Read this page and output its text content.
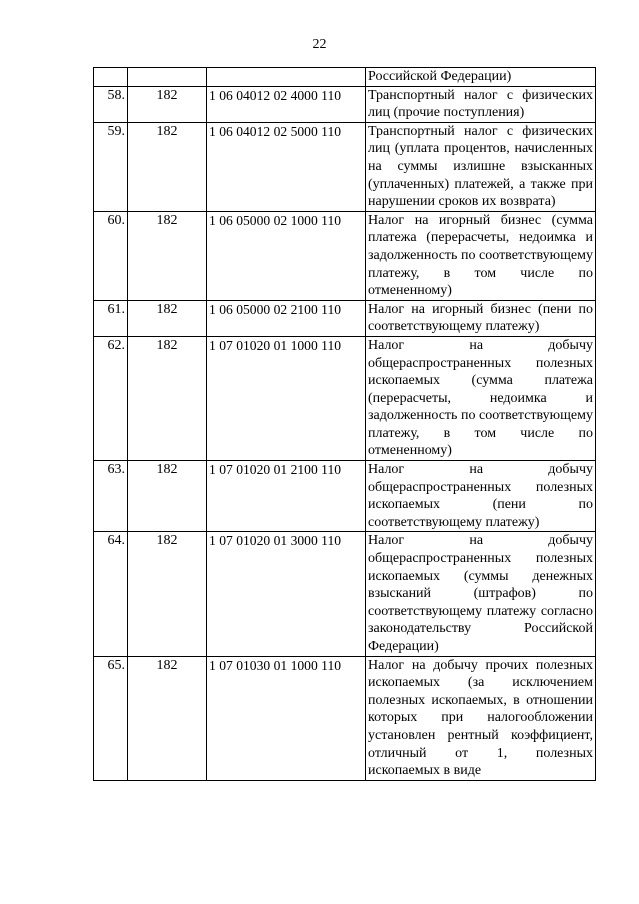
22
			Российской Федерации)
58.	182	1 06 04012 02 4000 110	Транспортный налог с физических лиц (прочие поступления)
59.	182	1 06 04012 02 5000 110	Транспортный налог с физических лиц (уплата процентов, начисленных на суммы излишне взысканных (уплаченных) платежей, а также при нарушении сроков их возврата)
60.	182	1 06 05000 02 1000 110	Налог на игорный бизнес (сумма платежа (перерасчеты, недоимка и задолженность по соответствующему платежу, в том числе по отмененному)
61.	182	1 06 05000 02 2100 110	Налог на игорный бизнес (пени по соответствующему платежу)
62.	182	1 07 01020 01 1000 110	Налог на добычу общераспространенных полезных ископаемых (сумма платежа (перерасчеты, недоимка и задолженность по соответствующему платежу, в том числе по отмененному)
63.	182	1 07 01020 01 2100 110	Налог на добычу общераспространенных полезных ископаемых (пени по соответствующему платежу)
64.	182	1 07 01020 01 3000 110	Налог на добычу общераспространенных полезных ископаемых (суммы денежных взысканий (штрафов) по соответствующему платежу согласно законодательству Российской Федерации)
65.	182	1 07 01030 01 1000 110	Налог на добычу прочих полезных ископаемых (за исключением полезных ископаемых, в отношении которых при налогообложении установлен рентный коэффициент, отличный от 1, полезных ископаемых в виде
